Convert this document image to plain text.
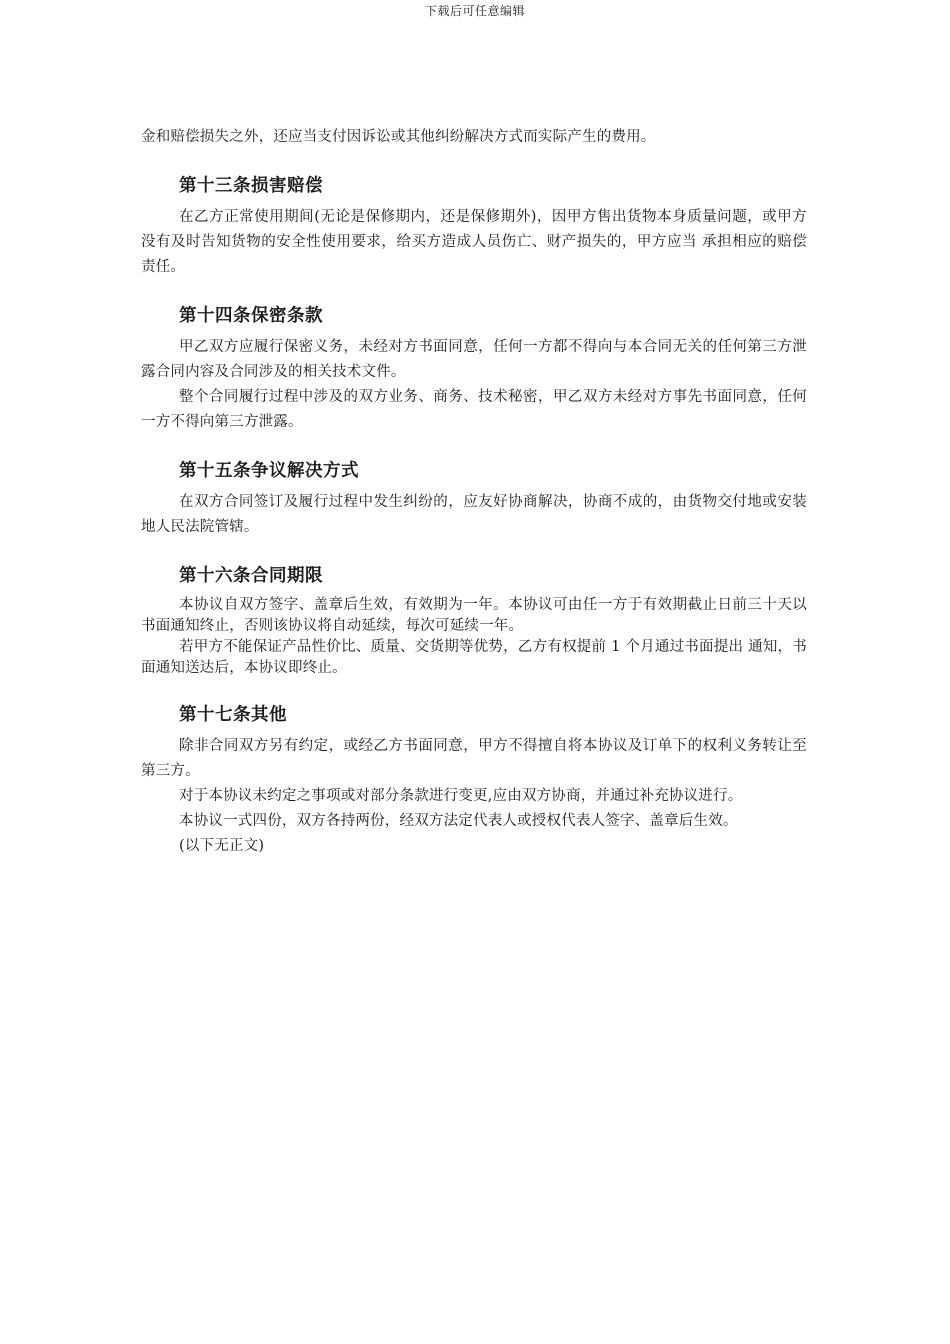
下载后可任意编辑

金和赔偿损失之外，还应当支付因诉讼或其他纠纷解决方式而实际产生的费用。

第十三条损害赔偿

在乙方正常使用期间(无论是保修期内，还是保修期外)，因甲方售出货物本身质量问题，或甲方没有及时告知货物的安全性使用要求，给买方造成人员伤亡、财产损失的，甲方应当 承担相应的赔偿责任。

第十四条保密条款

甲乙双方应履行保密义务，未经对方书面同意，任何一方都不得向与本合同无关的任何第三方泄露合同内容及合同涉及的相关技术文件。

整个合同履行过程中涉及的双方业务、商务、技术秘密，甲乙双方未经对方事先书面同意，任何一方不得向第三方泄露。

第十五条争议解决方式

在双方合同签订及履行过程中发生纠纷的，应友好协商解决，协商不成的，由货物交付地或安装地人民法院管辖。

第十六条合同期限

本协议自双方签字、盖章后生效，有效期为一年。本协议可由任一方于有效期截止日前三十天以书面通知终止，否则该协议将自动延续，每次可延续一年。

若甲方不能保证产品性价比、质量、交货期等优势，乙方有权提前 1 个月通过书面提出 通知，书面通知送达后，本协议即终止。

第十七条其他

除非合同双方另有约定，或经乙方书面同意，甲方不得擅自将本协议及订单下的权利义务转让至第三方。

对于本协议未约定之事项或对部分条款进行变更,应由双方协商，并通过补充协议进行。

本协议一式四份，双方各持两份，经双方法定代表人或授权代表人签字、盖章后生效。

(以下无正文)
